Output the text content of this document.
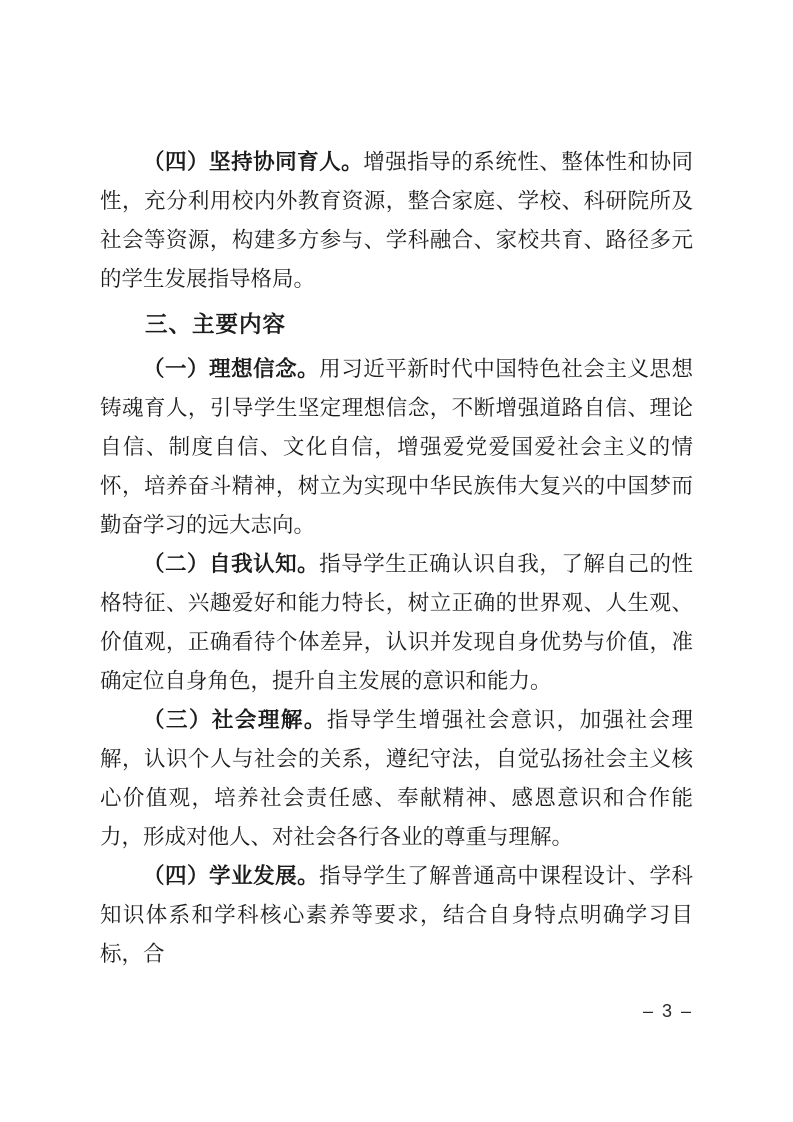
（四）坚持协同育人。增强指导的系统性、整体性和协同性，充分利用校内外教育资源，整合家庭、学校、科研院所及社会等资源，构建多方参与、学科融合、家校共育、路径多元的学生发展指导格局。

三、主要内容

（一）理想信念。用习近平新时代中国特色社会主义思想铸魂育人，引导学生坚定理想信念，不断增强道路自信、理论自信、制度自信、文化自信，增强爱党爱国爱社会主义的情怀，培养奋斗精神，树立为实现中华民族伟大复兴的中国梦而勤奋学习的远大志向。

（二）自我认知。指导学生正确认识自我，了解自己的性格特征、兴趣爱好和能力特长，树立正确的世界观、人生观、价值观，正确看待个体差异，认识并发现自身优势与价值，准确定位自身角色，提升自主发展的意识和能力。

（三）社会理解。指导学生增强社会意识，加强社会理解，认识个人与社会的关系，遵纪守法，自觉弘扬社会主义核心价值观，培养社会责任感、奉献精神、感恩意识和合作能力，形成对他人、对社会各行各业的尊重与理解。

（四）学业发展。指导学生了解普通高中课程设计、学科知识体系和学科核心素养等要求，结合自身特点明确学习目标，合

– 3 –
